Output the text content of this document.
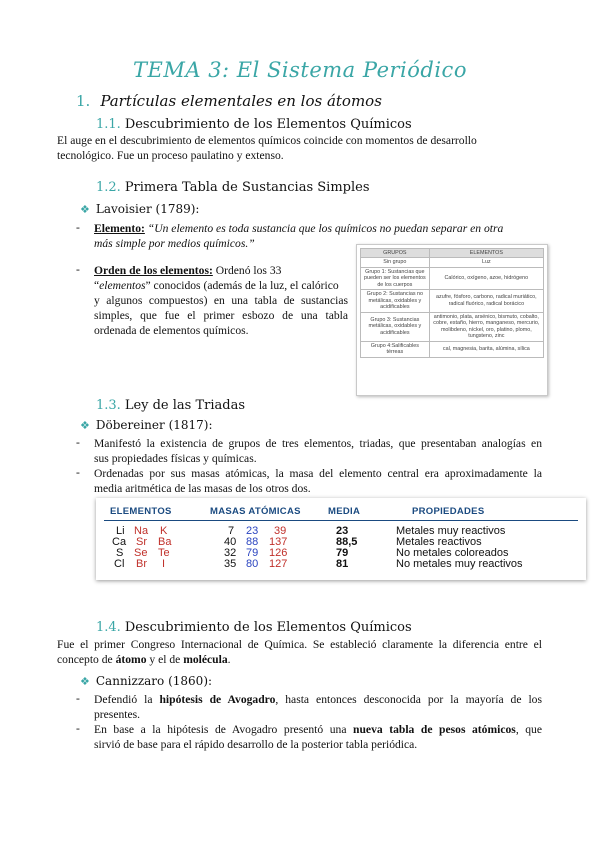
TEMA 3: El Sistema Periódico
1. Partículas elementales en los átomos
1.1. Descubrimiento de los Elementos Químicos
El auge en el descubrimiento de elementos químicos coincide con momentos de desarrollo
tecnológico. Fue un proceso paulatino y extenso.
1.2. Primera Tabla de Sustancias Simples
❖ Lavoisier (1789):
- Elemento: “Un elemento es toda sustancia que los químicos no puedan separar en otra
más simple por medios químicos.”
- Orden de los elementos: Ordenó los 33
“elementos” conocidos (además de la luz, el calórico
y algunos compuestos) en una tabla de sustancias
simples, que fue el primer esbozo de una tabla
ordenada de elementos químicos.
GRUPOS	ELEMENTOS
Sin grupo	Luz
Grupo 1: Sustancias que pueden ser los elementos de los cuerpos	Calórico, oxígeno, azoe, hidrógeno
Grupo 2: Sustancias no metálicas, oxidables y acidificables	azufre, fósforo, carbono, radical muriático, radical fluórico, radical borácico
Grupo 3: Sustancias metálicas, oxidables y acidificables	antimonio, plata, arsénico, bismuto, cobalto, cobre, estaño, hierro, manganeso, mercurio, molibdeno, níckel, oro, platino, plomo, tungsteno, zinc
Grupo 4:Salificables térreas	cal, magnesia, barita, alúmina, sílica
1.3. Ley de las Triadas
❖ Döbereiner (1817):
- Manifestó la existencia de grupos de tres elementos, triadas, que presentaban analogías en
sus propiedades físicas y químicas.
- Ordenadas por sus masas atómicas, la masa del elemento central era aproximadamente la
media aritmética de las masas de los otros dos.
ELEMENTOS	MASAS ATÓMICAS	MEDIA	PROPIEDADES
Li Na K	7 23 39	23	Metales muy reactivos
Ca Sr Ba	40 88 137	88,5	Metales reactivos
S Se Te	32 79 126	79	No metales coloreados
Cl Br I	35 80 127	81	No metales muy reactivos
1.4. Descubrimiento de los Elementos Químicos
Fue el primer Congreso Internacional de Química. Se estableció claramente la diferencia entre el
concepto de átomo y el de molécula.
❖ Cannizzaro (1860):
- Defendió la hipótesis de Avogadro, hasta entonces desconocida por la mayoría de los
presentes.
- En base a la hipótesis de Avogadro presentó una nueva tabla de pesos atómicos, que
sirvió de base para el rápido desarrollo de la posterior tabla periódica.
